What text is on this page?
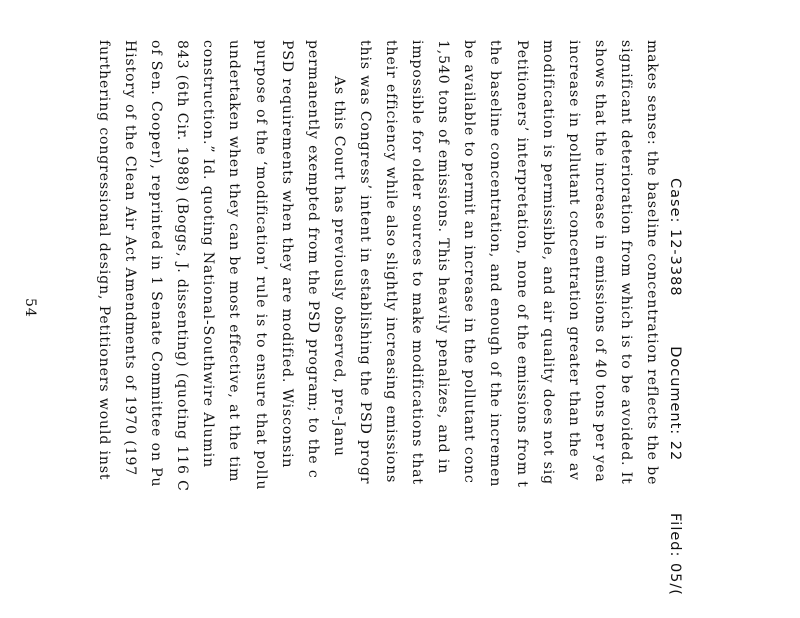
Case: 12-3388 Document: 22
Filed: 05/(
makes sense: the baseline concentration reflects the be
significant deterioration from which is to be avoided. It
shows that the increase in emissions of 40 tons per yea
increase in pollutant concentration greater than the av
modification is permissible, and air quality does not sig
Petitioners’ interpretation, none of the emissions from t
the baseline concentration, and enough of the incremen
be available to permit an increase in the pollutant conc
1,540 tons of emissions. This heavily penalizes, and in
impossible for older sources to make modifications that
their efficiency while also slightly increasing emissions
this was Congress’ intent in establishing the PSD progr
As this Court has previously observed, pre-Janu
permanently exempted from the PSD program; to the c
PSD requirements when they are modified. Wisconsin
purpose of the ‘modification’ rule is to ensure that pollu
undertaken when they can be most effective, at the tim
construction.” Id. quoting National-Southwire Alumin
843 (6th Cir. 1988) (Boggs, J. dissenting) (quoting 116 C
of Sen. Cooper), reprinted in 1 Senate Committee on Pu
History of the Clean Air Act Amendments of 1970 (197
furthering congressional design, Petitioners would inst
54
